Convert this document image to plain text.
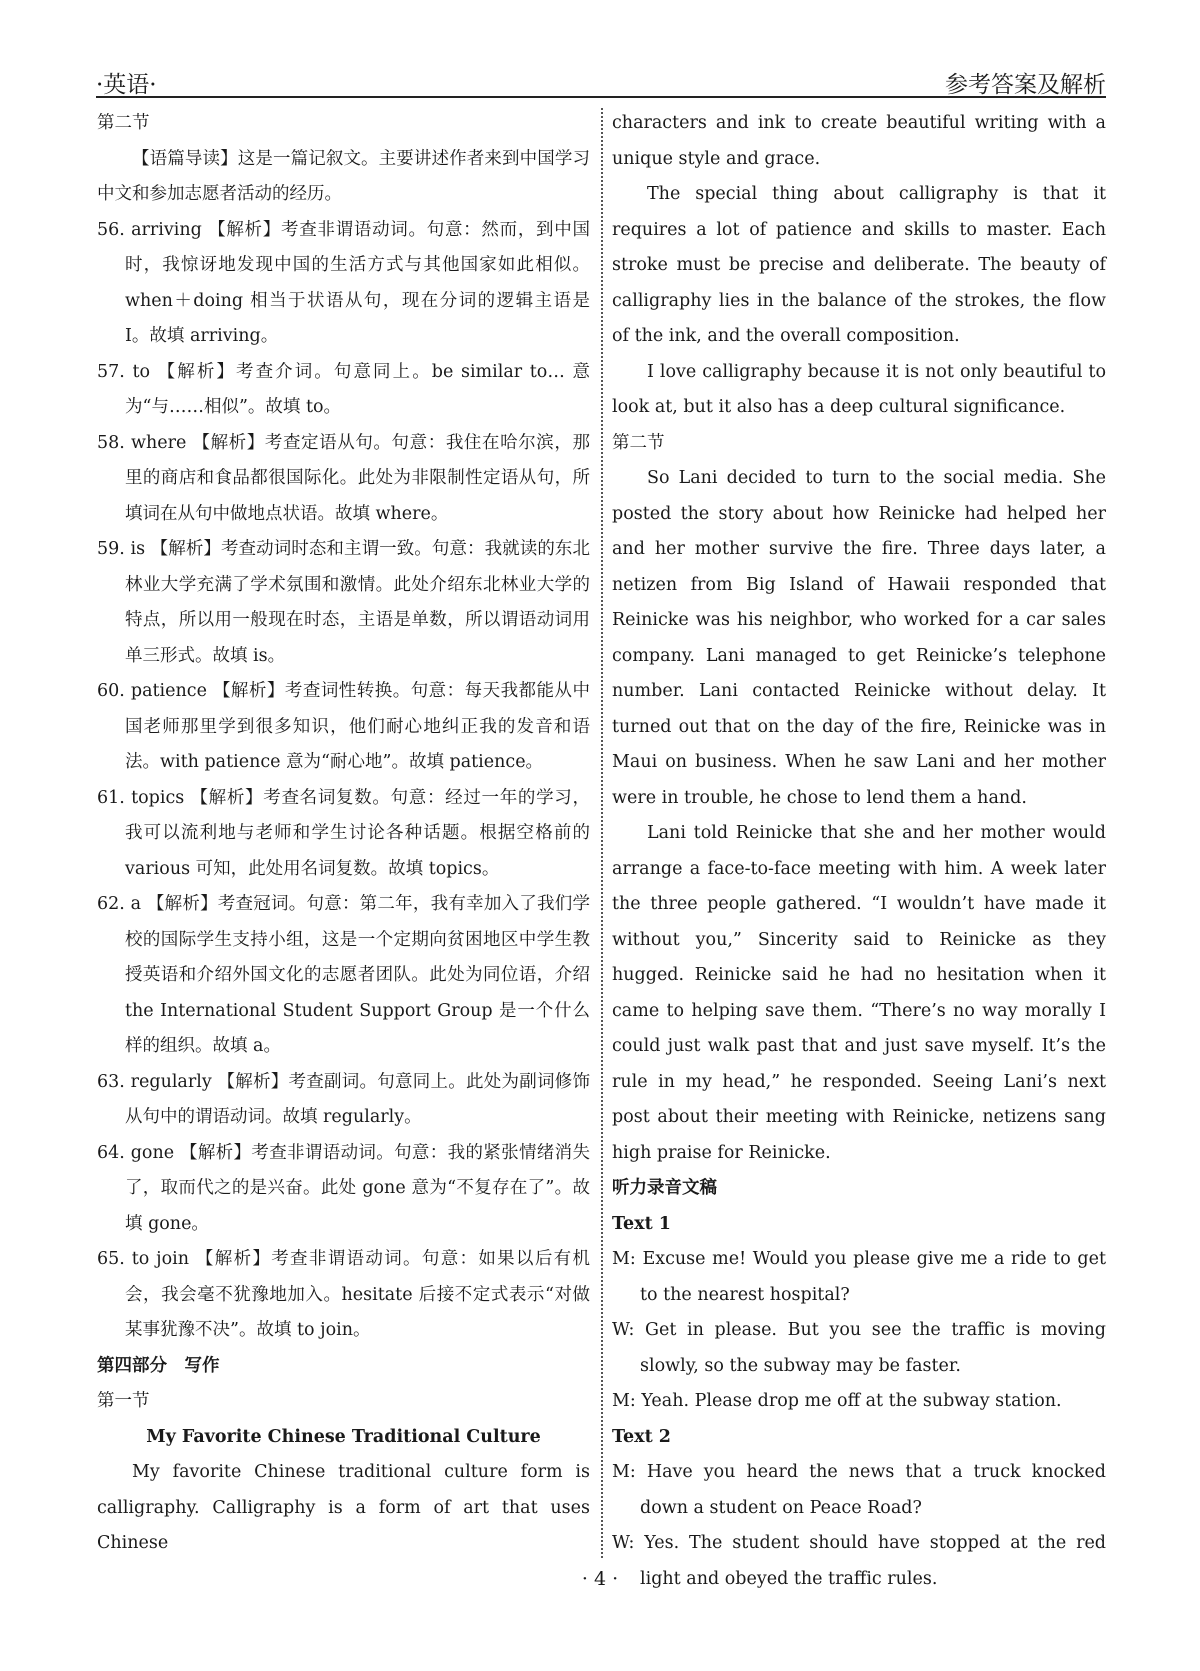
·英语·	参考答案及解析

第二节

【语篇导读】这是一篇记叙文。主要讲述作者来到中国学习中文和参加志愿者活动的经历。

56. arriving 【解析】考查非谓语动词。句意：然而，到中国时，我惊讶地发现中国的生活方式与其他国家如此相似。when＋doing 相当于状语从句，现在分词的逻辑主语是 I。故填 arriving。

57. to 【解析】考查介词。句意同上。be similar to… 意为“与……相似”。故填 to。

58. where 【解析】考查定语从句。句意：我住在哈尔滨，那里的商店和食品都很国际化。此处为非限制性定语从句，所填词在从句中做地点状语。故填 where。

59. is 【解析】考查动词时态和主谓一致。句意：我就读的东北林业大学充满了学术氛围和激情。此处介绍东北林业大学的特点，所以用一般现在时态，主语是单数，所以谓语动词用单三形式。故填 is。

60. patience 【解析】考查词性转换。句意：每天我都能从中国老师那里学到很多知识，他们耐心地纠正我的发音和语法。with patience 意为“耐心地”。故填 patience。

61. topics 【解析】考查名词复数。句意：经过一年的学习，我可以流利地与老师和学生讨论各种话题。根据空格前的 various 可知，此处用名词复数。故填 topics。

62. a 【解析】考查冠词。句意：第二年，我有幸加入了我们学校的国际学生支持小组，这是一个定期向贫困地区中学生教授英语和介绍外国文化的志愿者团队。此处为同位语，介绍 the International Student Support Group 是一个什么样的组织。故填 a。

63. regularly 【解析】考查副词。句意同上。此处为副词修饰从句中的谓语动词。故填 regularly。

64. gone 【解析】考查非谓语动词。句意：我的紧张情绪消失了，取而代之的是兴奋。此处 gone 意为“不复存在了”。故填 gone。

65. to join 【解析】考查非谓语动词。句意：如果以后有机会，我会毫不犹豫地加入。hesitate 后接不定式表示“对做某事犹豫不决”。故填 to join。

第四部分　写作

第一节

My Favorite Chinese Traditional Culture

My favorite Chinese traditional culture form is calligraphy. Calligraphy is a form of art that uses Chinese

characters and ink to create beautiful writing with a unique style and grace.

The special thing about calligraphy is that it requires a lot of patience and skills to master. Each stroke must be precise and deliberate. The beauty of calligraphy lies in the balance of the strokes, the flow of the ink, and the overall composition.

I love calligraphy because it is not only beautiful to look at, but it also has a deep cultural significance.

第二节

So Lani decided to turn to the social media. She posted the story about how Reinicke had helped her and her mother survive the fire. Three days later, a netizen from Big Island of Hawaii responded that Reinicke was his neighbor, who worked for a car sales company. Lani managed to get Reinicke’s telephone number. Lani contacted Reinicke without delay. It turned out that on the day of the fire, Reinicke was in Maui on business. When he saw Lani and her mother were in trouble, he chose to lend them a hand.

Lani told Reinicke that she and her mother would arrange a face-to-face meeting with him. A week later the three people gathered. “I wouldn’t have made it without you,” Sincerity said to Reinicke as they hugged. Reinicke said he had no hesitation when it came to helping save them. “There’s no way morally I could just walk past that and just save myself. It’s the rule in my head,” he responded. Seeing Lani’s next post about their meeting with Reinicke, netizens sang high praise for Reinicke.

听力录音文稿

Text 1

M: Excuse me! Would you please give me a ride to get to the nearest hospital?

W: Get in please. But you see the traffic is moving slowly, so the subway may be faster.

M: Yeah. Please drop me off at the subway station.

Text 2

M: Have you heard the news that a truck knocked down a student on Peace Road?

W: Yes. The student should have stopped at the red light and obeyed the traffic rules.

· 4 ·
